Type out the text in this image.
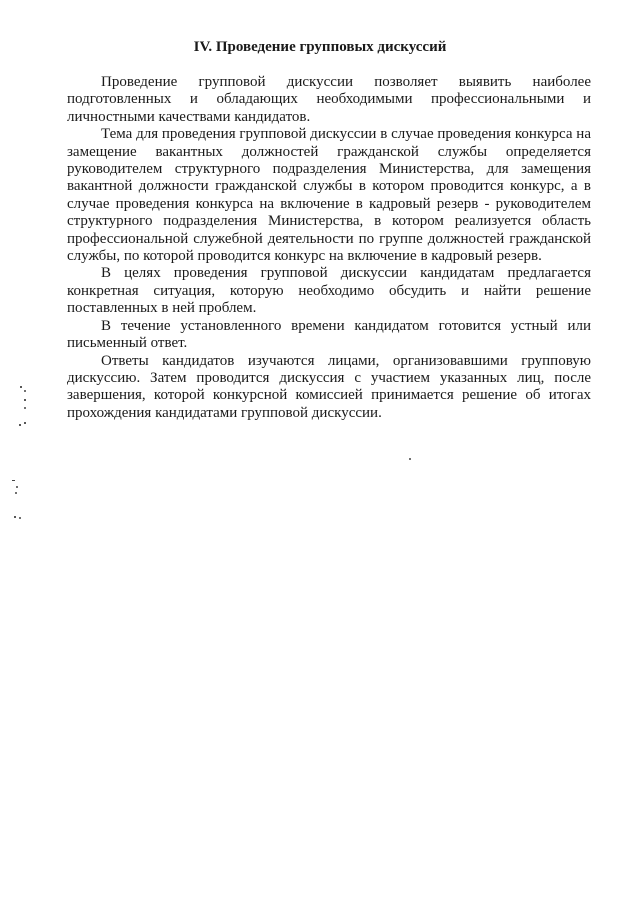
IV. Проведение групповых дискуссий

Проведение групповой дискуссии позволяет выявить наиболее подготовленных и обладающих необходимыми профессиональными и личностными качествами кандидатов.

Тема для проведения групповой дискуссии в случае проведения конкурса на замещение вакантных должностей гражданской службы определяется руководителем структурного подразделения Министерства, для замещения вакантной должности гражданской службы в котором проводится конкурс, а в случае проведения конкурса на включение в кадровый резерв - руководителем структурного подразделения Министерства, в котором реализуется область профессиональной служебной деятельности по группе должностей гражданской службы, по которой проводится конкурс на включение в кадровый резерв.

В целях проведения групповой дискуссии кандидатам предлагается конкретная ситуация, которую необходимо обсудить и найти решение поставленных в ней проблем.

В течение установленного времени кандидатом готовится устный или письменный ответ.

Ответы кандидатов изучаются лицами, организовавшими групповую дискуссию. Затем проводится дискуссия с участием указанных лиц, после завершения, которой конкурсной комиссией принимается решение об итогах прохождения кандидатами групповой дискуссии.
